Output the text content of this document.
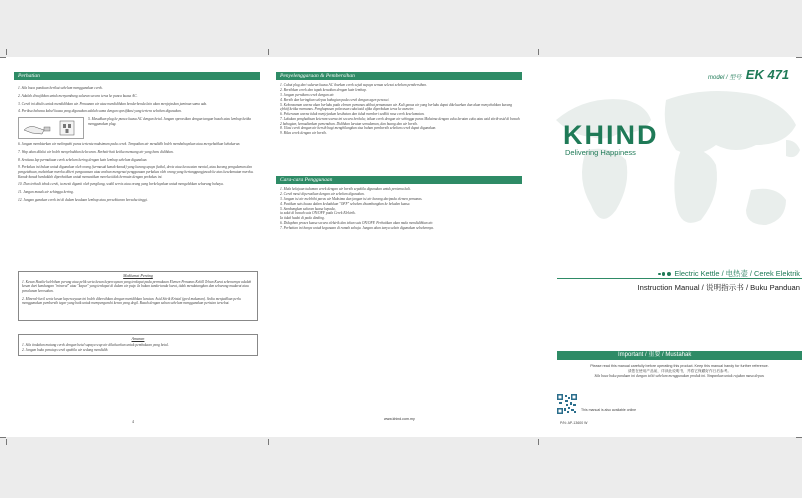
Perhatian

1. Sila baca panduan berikut sebelum menggunakan cerek.

2. Adalah diwajibkan untuk menyambung saluran secara terus ke punca kuasa AC.

3. Cerek ini ditulis untuk mendidihkan air. Penuanan air atau mendidihkan benda-benda lain akan menjejaskan jaminan sama ada.

4. Periksa bahawa kabel kuasa yang digunakan adalah sama dengan spesifikasi yang tertera sebelum digunakan.

5. Masukkan plug ke punca kuasa AC dengan betul. Jangan operasikan dengan tangan basah atau lembap ketika menggunakan plug.

6. Jangan membiarkan air melimpahi paras tertentu maksimum pada cerek. Tempatkan air mendidih boleh membahayakan atau menyebabkan kebakaran.

7. Wap akan dilalui air boleh menyebabkan kelecuran. Berhati-hati ketika menuang air yang baru didihkan.

8. Sentiasa lap permukaan cerek sebelum kering dengan kain lembap sebelum digunakan.

9. Perkakas ini bukan untuk digunakan oleh orang (termasuk kanak-kanak) yang kurang upaya fizikal, deria atau kecacatan mental, atau kurang pengalaman dan pengetahuan, melainkan mereka diberi pengawasan atau arahan mengenai penggunaan perkakas oleh orang yang bertanggungjawab ke atas keselamatan mereka. Kanak-kanak hendaklah diperhatikan untuk memastikan mereka tidak bermain dengan perkakas ini.

10. Dan terhadi tebuk cerek, ia mesti diganti oleh pengilang, wakil servis atau orang yang berkelayakan untuk mengelakkan sebarang bahaya.

11. Jangan masak air sehingga kering.

12. Jangan gunakan cerek ini di dalam keadaan lembap atau persekitaran bersuhu tinggi.

Maklumat Penting

1. Kesan Hasilu-kelebihan perang atau pelik serta kesan kepercayaan yang terdapat pada permukaan Elemen Pemanas Kekill Tehan Karat sebenarnya adalah kesan dari kandungan "mineral" atau "kapur" yang terdapat di dalam air paip. Ia bukan tanda-tanda karat, tidak mendatangkan dan sebarang mudarat atau penalanan kerosakan.

2. Mineral-kecil serta kesan kepercayaan ini boleh dibersihkan dengan menidihkan larutan. Asid Sitrik Kristal (gred makanan). Sedia menjadikan perlu menggunakan pembersih tegar yang baik untuk mempengaruhi keran yang degil. Basuh dengan sabun sebelum menggunakan perisian tersebut.

Amaran

1. Sila tindakan matang cerek dengan betul supaya wap air dikeluarkan untuk pembukaan yang betul.

2. Jangan buka penutup cerek apabila air sedang mendidih.

4
Penyelenggaraan & Pembersihan

1. Cabut plug dari saluran kuasa AC ibarkan cerek sejuk supaya semua selesai sebelum pembersihan.

2. Bersihkan cerek dan tapak kenaikan dengan kain lembap.

3. Jangan pernikam cerek dengan air.

4. Bersih dan keringkan selepas bahagian pada cerek dengan agen pencuci.

5. Kekonsuman warna akan berlaku pada elemen pemanas akibat pemanasan air. Kali ganas air yang berlaku dapat dikeluarkan dan akan menyebabkan kurang efektif ketika memanas. Penghapusan pelarasan cuka/asid aftka diperkukan terus ke asmeter.

6. Pekerunan warna tidak menjejaskan kesihatan dan tidak memberi sedikit rasa cerek keselamatan.

7. Lakukan penghakisan keteram warna ini secara berkala; isikan cerek dengan air sehingga paras Maksima dengan cuka larutan cuka atau asid sitrik-asid di bawah 2 bahagian, kemudiankan pemenuhan. Didihkan larutan semalaman, dan buang dan air bersih.

8. Ulasi cerek dengan air bersih bagi menghilangkan sisa bahan pembersih sebelum cerek dapat digunakan.

9. Bilas cerek dengan air bersih.

Cara-cara Penggunaan

1. Mula kelajuan tuduman cerek dengan air bersih sepakila digunakan untuk pertama kali.

2. Cerek mesti diperasikan dengan air sebelum digunakan.

3. Jangan isi air melebihi paras air Maksima dan jangan isi air kurang daripada elemen pemanas.

4. Pastikan suis kuasa dalam kedudukan "OFF" sebelum disambungkan ke bekalan kuasa.

5. Sambungkan saluran kuasa kepada,

ia sakit di bawah suis ON/OFF pada Cerek Elektrik.

Ia tidak hadai di pada dinding.

6. Didaphan proses kuasa secara elektrik dan tekan suis ON/OFF. Perhatikan akan mula mendidihkan air.

7. Perhatian ini hanya untuk kegunaan di rumah sahaja. Jangan akan ianya selain digunakan sebelumnya.

www.khind.com.my
model / 型号 EK 471
KHIND
Delivering Happiness
Electric Kettle / 电热壶 / Cerek Elektrik
Instruction Manual / 说明指示书 / Buku Panduan
Important / 重要 / Mustahak
Please read this manual carefully before operating this product. Keep this manual handy for further reference.
请您在使用产品前，详读此说明书，并将它保藏好作日后参考。
Sila baca buku panduan ini dengan teliti sebelum menggunakan produk ini. Simpankan untuk rujukan masa depan.
This manual is also available online
P/N: AP-13600 W
